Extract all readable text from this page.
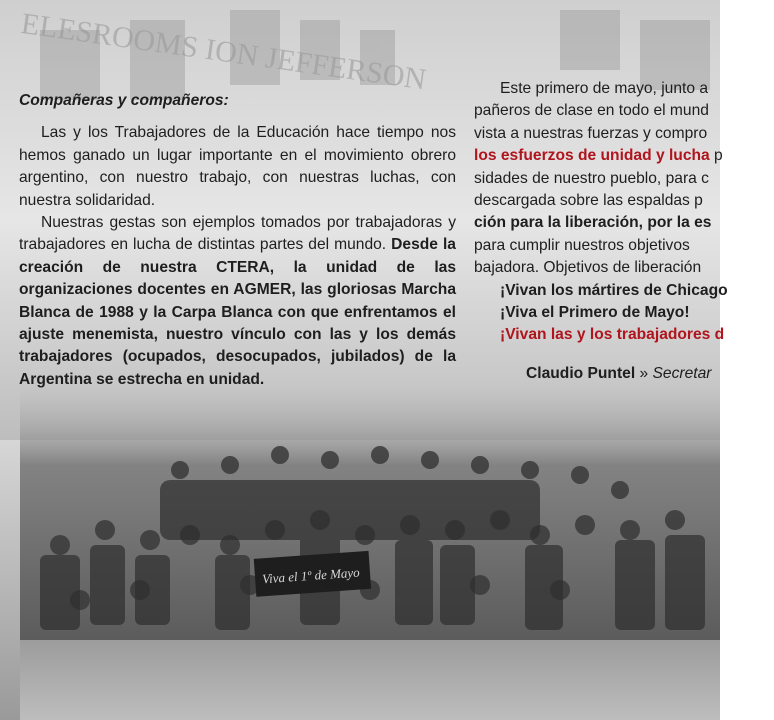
ELESROOMS ION JEFFERSON
Viva el 1º de Mayo

Compañeras y compañeros:

Las y los Trabajadores de la Educación hace tiempo nos hemos ganado un lugar importante en el movimiento obrero argentino, con nuestro trabajo, con nuestras luchas, con nuestra solidaridad.

Nuestras gestas son ejemplos tomados por trabajadoras y trabajadores en lucha de distintas partes del mundo. Desde la creación de nuestra CTERA, la unidad de las organizaciones docentes en AGMER, las gloriosas Marcha Blanca de 1988 y la Carpa Blanca con que enfrentamos el ajuste menemista, nuestro vínculo con las y los demás trabajadores (ocupados, desocupados, jubilados) de la Argentina se estrecha en unidad.

Este primero de mayo, junto a
pañeros de clase en todo el mund
vista a nuestras fuerzas y compro
los esfuerzos de unidad y lucha p
sidades de nuestro pueblo, para c
descargada sobre las espaldas p
ción para la liberación, por la es
para cumplir nuestros objetivos
bajadora. Objetivos de liberación
¡Vivan los mártires de Chicago
¡Viva el Primero de Mayo!
¡Vivan las y los trabajadores d
Claudio Puntel » Secretar
